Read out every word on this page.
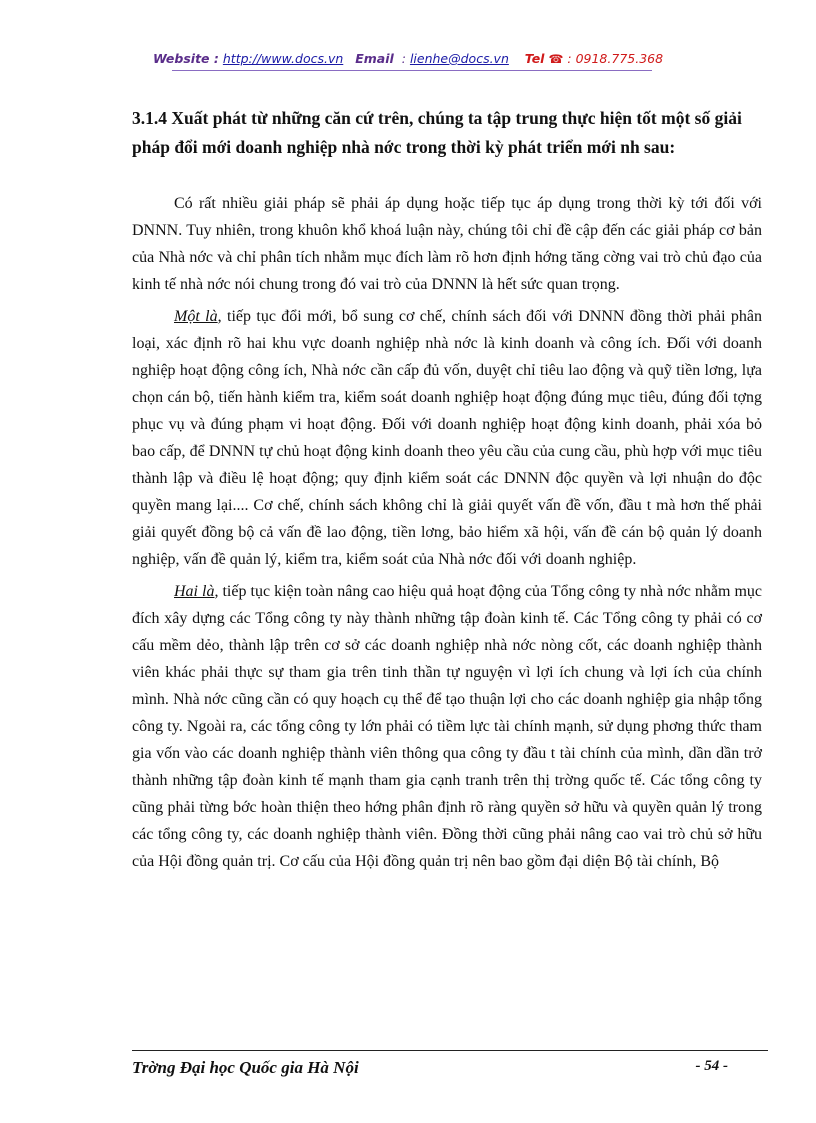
Website : http://www.docs.vn Email : lienhe@docs.vn Tel ☎ : 0918.775.368
3.1.4 Xuất phát từ những căn cứ trên, chúng ta tập trung thực hiện tốt một số giải pháp đổi mới doanh nghiệp nhà nớc trong thời kỳ phát triển mới nh sau:

Có rất nhiều giải pháp sẽ phải áp dụng hoặc tiếp tục áp dụng trong thời kỳ tới đối với DNNN. Tuy nhiên, trong khuôn khổ khoá luận này, chúng tôi chỉ đề cập đến các giải pháp cơ bản của Nhà nớc và chỉ phân tích nhằm mục đích làm rõ hơn định hớng tăng cờng vai trò chủ đạo của kinh tế nhà nớc nói chung trong đó vai trò của DNNN là hết sức quan trọng.

Một là, tiếp tục đổi mới, bổ sung cơ chế, chính sách đối với DNNN đồng thời phải phân loại, xác định rõ hai khu vực doanh nghiệp nhà nớc là kinh doanh và công ích. Đối với doanh nghiệp hoạt động công ích, Nhà nớc cần cấp đủ vốn, duyệt chỉ tiêu lao động và quỹ tiền lơng, lựa chọn cán bộ, tiến hành kiểm tra, kiểm soát doanh nghiệp hoạt động đúng mục tiêu, đúng đối tợng phục vụ và đúng phạm vi hoạt động. Đối với doanh nghiệp hoạt động kinh doanh, phải xóa bỏ bao cấp, để DNNN tự chủ hoạt động kinh doanh theo yêu cầu của cung cầu, phù hợp với mục tiêu thành lập và điều lệ hoạt động; quy định kiểm soát các DNNN độc quyền và lợi nhuận do độc quyền mang lại.... Cơ chế, chính sách không chỉ là giải quyết vấn đề vốn, đầu t mà hơn thế phải giải quyết đồng bộ cả vấn đề lao động, tiền lơng, bảo hiểm xã hội, vấn đề cán bộ quản lý doanh nghiệp, vấn đề quản lý, kiểm tra, kiểm soát của Nhà nớc đối với doanh nghiệp.

Hai là, tiếp tục kiện toàn nâng cao hiệu quả hoạt động của Tổng công ty nhà nớc nhằm mục đích xây dựng các Tổng công ty này thành những tập đoàn kinh tế. Các Tổng công ty phải có cơ cấu mềm dẻo, thành lập trên cơ sở các doanh nghiệp nhà nớc nòng cốt, các doanh nghiệp thành viên khác phải thực sự tham gia trên tinh thần tự nguyện vì lợi ích chung và lợi ích của chính mình. Nhà nớc cũng cần có quy hoạch cụ thể để tạo thuận lợi cho các doanh nghiệp gia nhập tổng công ty. Ngoài ra, các tổng công ty lớn phải có tiềm lực tài chính mạnh, sử dụng phơng thức tham gia vốn vào các doanh nghiệp thành viên thông qua công ty đầu t tài chính của mình, dần dần trở thành những tập đoàn kinh tế mạnh tham gia cạnh tranh trên thị trờng quốc tế. Các tổng công ty cũng phải từng bớc hoàn thiện theo hớng phân định rõ ràng quyền sở hữu và quyền quản lý trong các tổng công ty, các doanh nghiệp thành viên. Đồng thời cũng phải nâng cao vai trò chủ sở hữu của Hội đồng quản trị. Cơ cấu của Hội đồng quản trị nên bao gồm đại diện Bộ tài chính, Bộ

Trờng Đại học Quốc gia Hà Nội	- 54 -
